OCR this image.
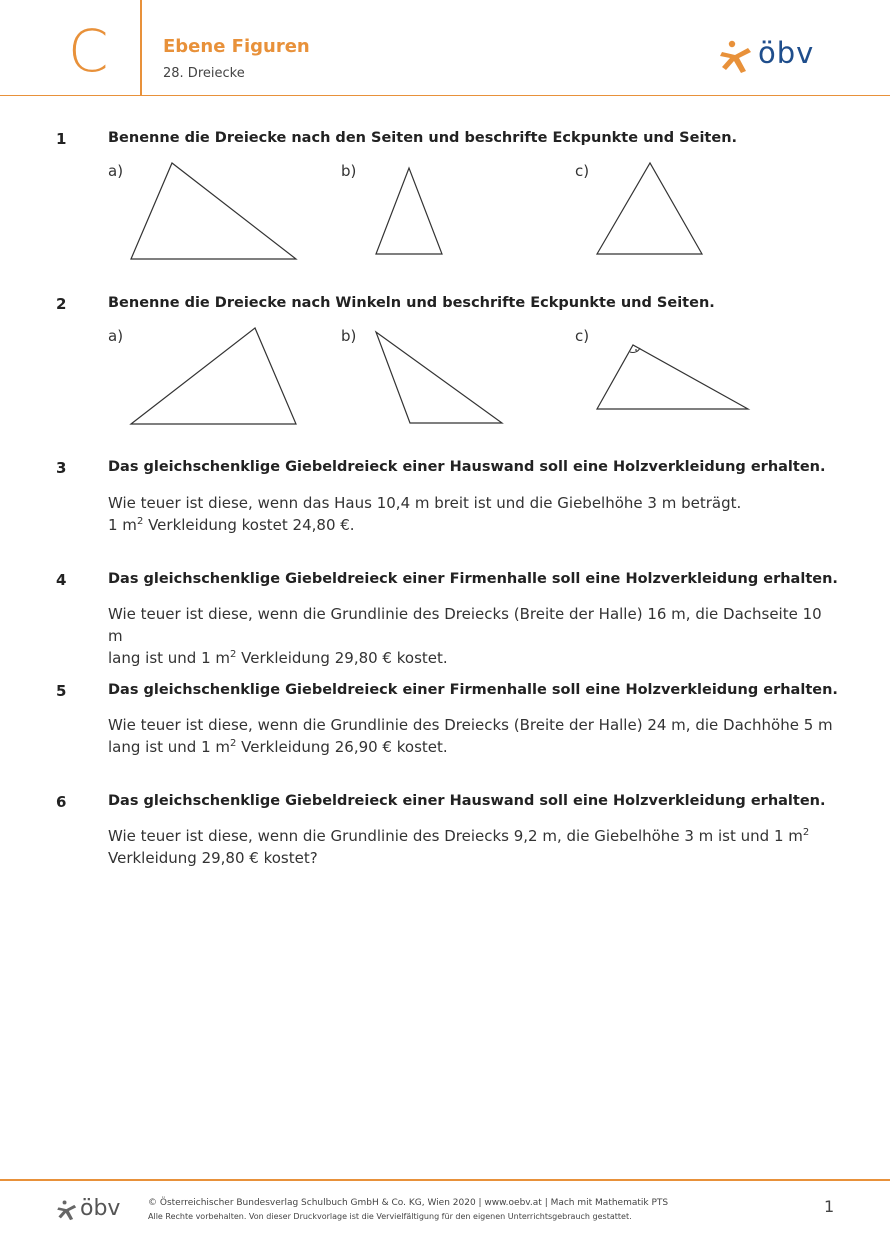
C	Ebene Figuren
28. Dreiecke
öbv
1	Benenne die Dreiecke nach den Seiten und beschrifte Eckpunkte und Seiten.
a)	b)	c)
2	Benenne die Dreiecke nach Winkeln und beschrifte Eckpunkte und Seiten.
a)	b)	c)
3	Das gleichschenklige Giebeldreieck einer Hauswand soll eine Holzverkleidung erhalten.
Wie teuer ist diese, wenn das Haus 10,4 m breit ist und die Giebelhöhe 3 m beträgt.
1 $m^2$ Verkleidung kostet 24,80 €.
4	Das gleichschenklige Giebeldreieck einer Firmenhalle soll eine Holzverkleidung erhalten.
Wie teuer ist diese, wenn die Grundlinie des Dreiecks (Breite der Halle) 16 m, die Dachseite 10 m
lang ist und 1 $m^2$ Verkleidung 29,80 € kostet.
5	Das gleichschenklige Giebeldreieck einer Firmenhalle soll eine Holzverkleidung erhalten.
Wie teuer ist diese, wenn die Grundlinie des Dreiecks (Breite der Halle) 24 m, die Dachhöhe 5 m
lang ist und 1 $m^2$ Verkleidung 26,90 € kostet.
6	Das gleichschenklige Giebeldreieck einer Hauswand soll eine Holzverkleidung erhalten.
Wie teuer ist diese, wenn die Grundlinie des Dreiecks 9,2 m, die Giebelhöhe 3 m ist und 1 $m^2$
Verkleidung 29,80 € kostet?
öbv	© Österreichischer Bundesverlag Schulbuch GmbH & Co. KG, Wien 2020 | www.oebv.at | Mach mit Mathematik PTS
Alle Rechte vorbehalten. Von dieser Druckvorlage ist die Vervielfältigung für den eigenen Unterrichtsgebrauch gestattet.
1
